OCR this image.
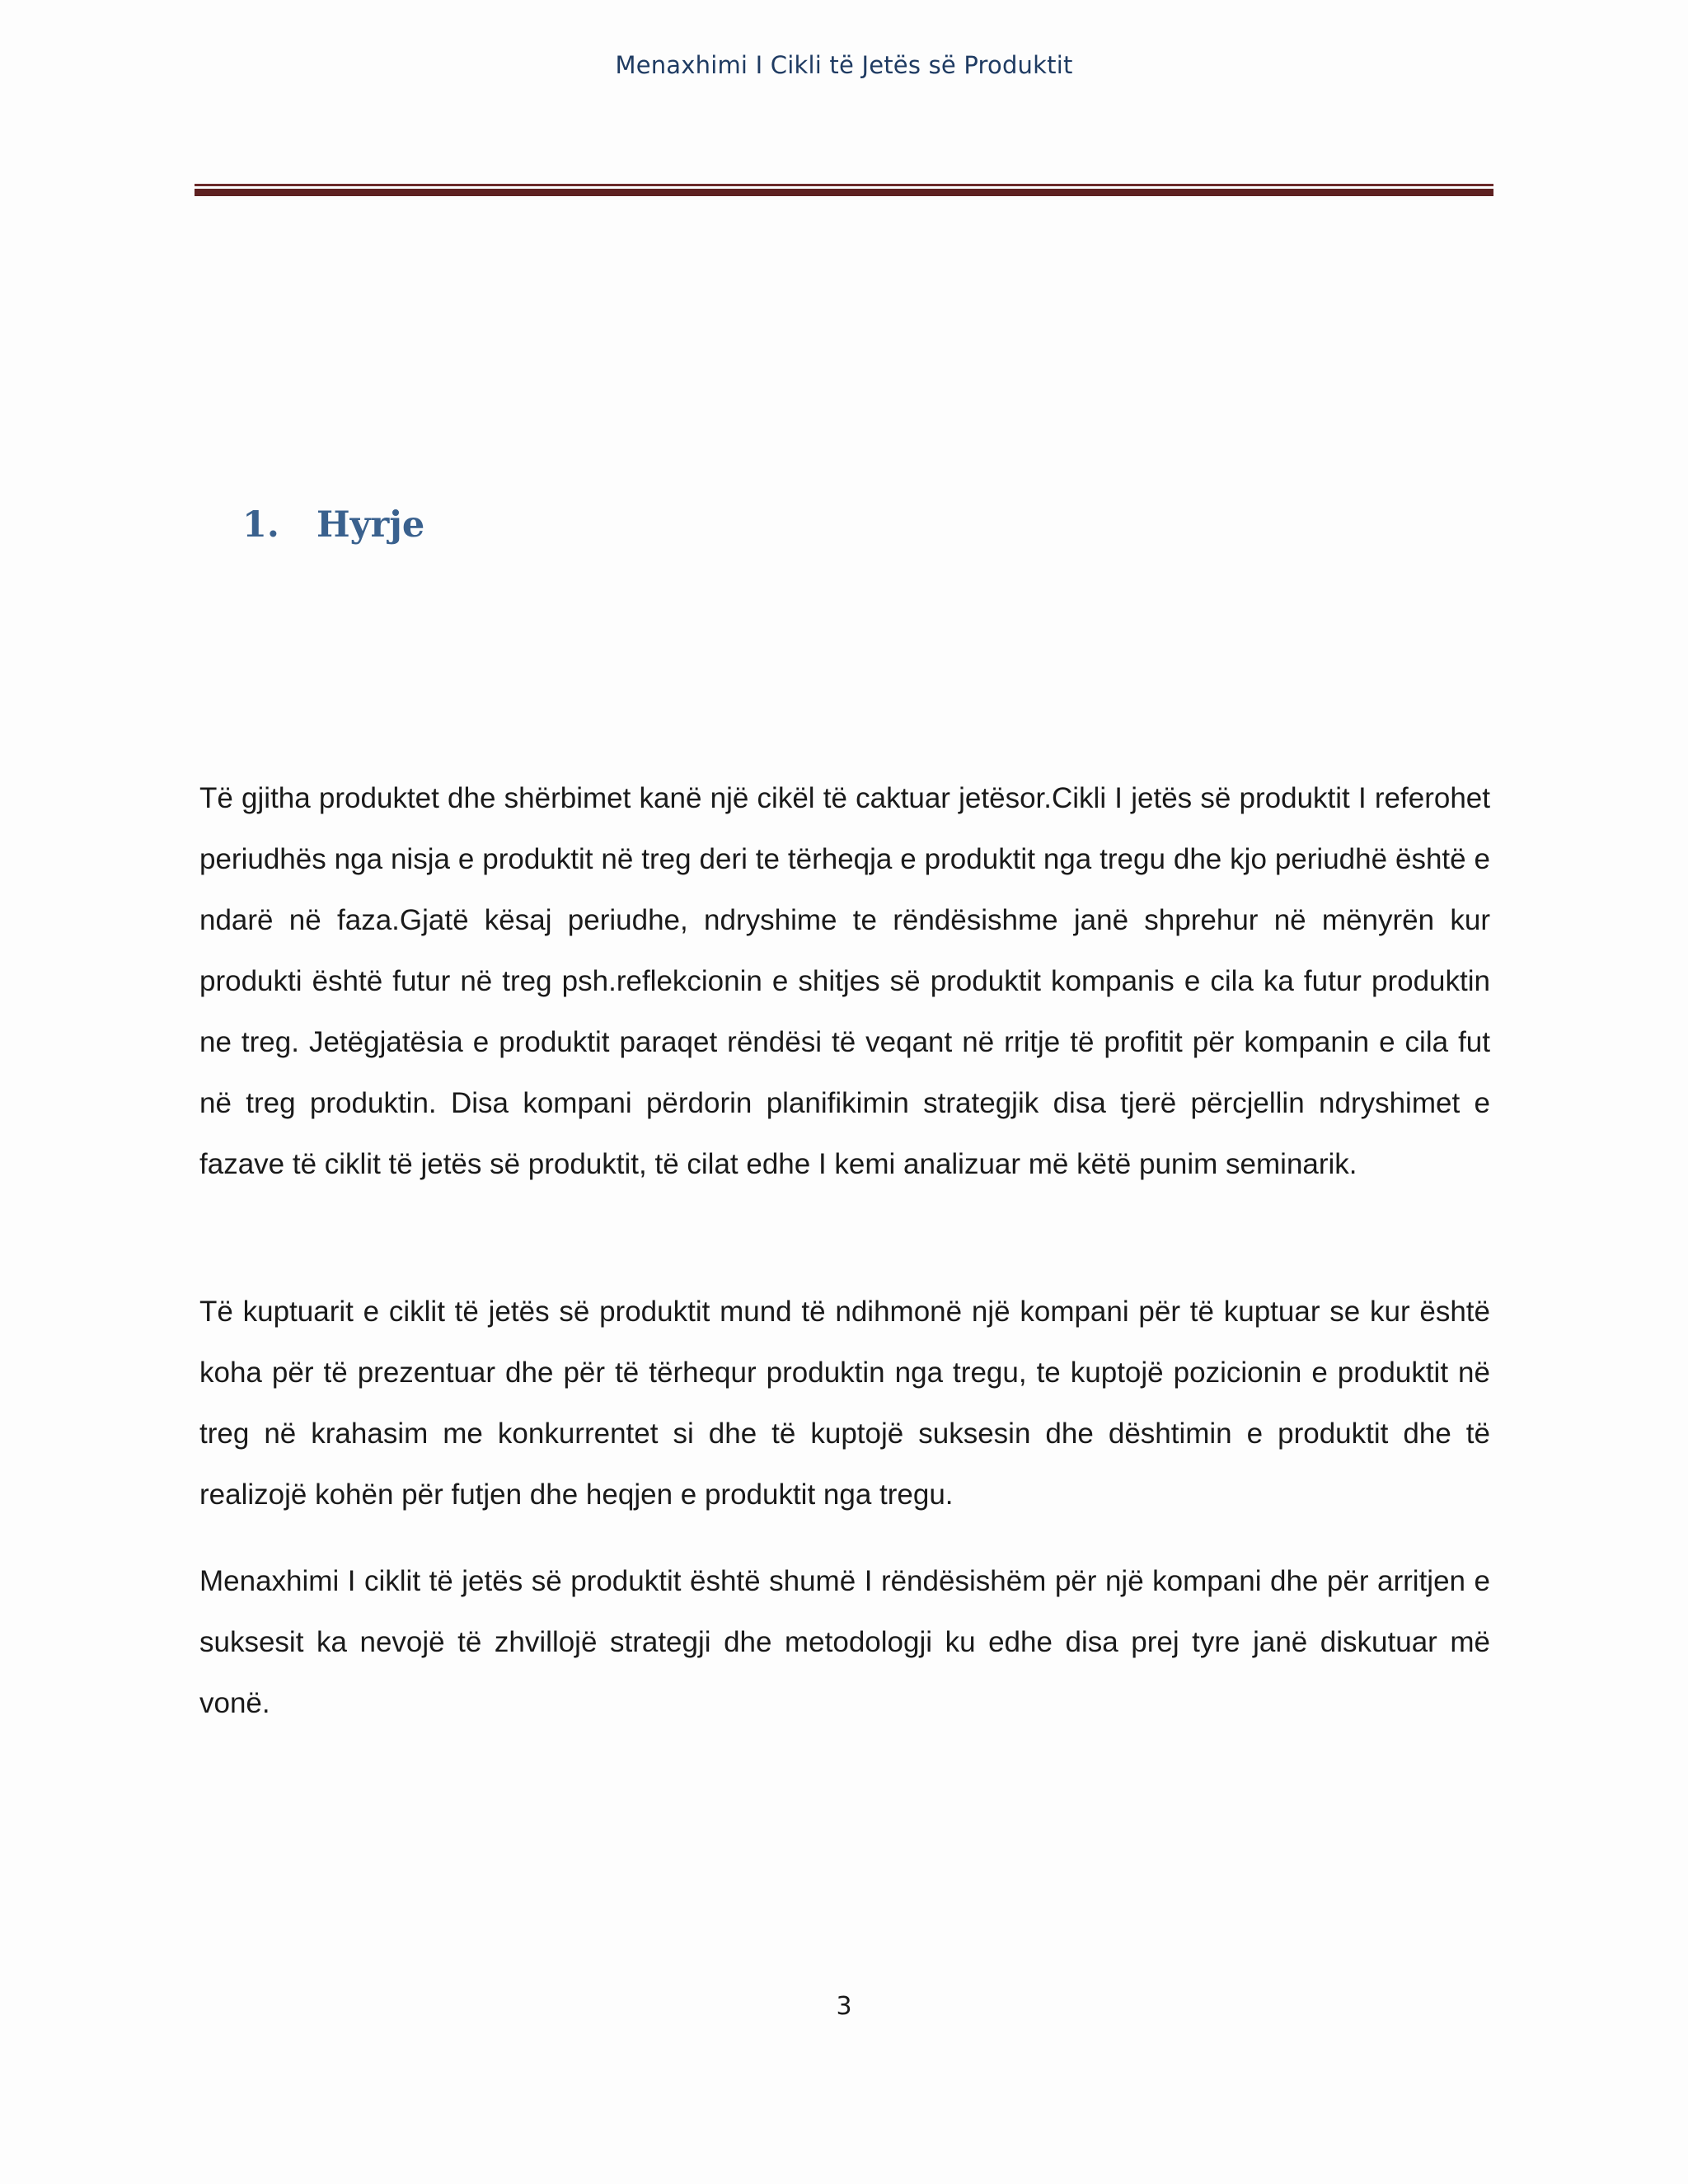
Menaxhimi I Cikli të Jetës së Produktit
1.	Hyrje

Të gjitha produktet dhe shërbimet kanë një cikël të caktuar jetësor.Cikli I jetës së produktit I referohet periudhës nga nisja e produktit në treg deri te tërheqja e produktit nga tregu dhe kjo periudhë është e ndarë në faza.Gjatë kësaj periudhe, ndryshime te rëndësishme janë shprehur në mënyrën kur produkti është futur në treg psh.reflekcionin e shitjes së produktit kompanis e cila ka futur produktin ne treg. Jetëgjatësia e produktit paraqet rëndësi të veqant në rritje të profitit për kompanin e cila fut në treg produktin. Disa kompani përdorin planifikimin strategjik disa tjerë përcjellin ndryshimet e fazave të ciklit të jetës së produktit, të cilat edhe I kemi analizuar më këtë punim seminarik.

Të kuptuarit e ciklit të jetës së produktit mund të ndihmonë një kompani për të kuptuar se kur është koha për të prezentuar dhe për të tërhequr produktin nga tregu, te kuptojë pozicionin e produktit në treg në krahasim me konkurrentet si dhe të kuptojë suksesin dhe dështimin e produktit dhe të realizojë kohën për futjen dhe heqjen e produktit nga tregu.

Menaxhimi I ciklit të jetës së produktit është shumë I rëndësishëm për një kompani dhe për arritjen e suksesit ka nevojë të zhvillojë strategji dhe metodologji ku edhe disa prej tyre janë diskutuar më vonë.

3
